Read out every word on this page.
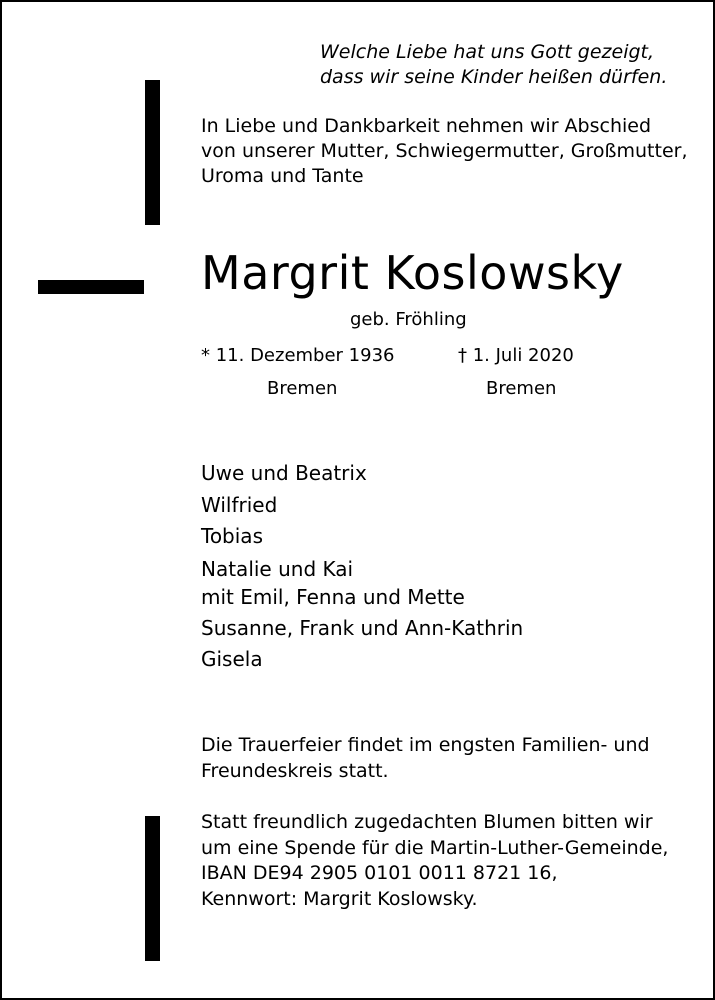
Welche Liebe hat uns Gott gezeigt,
dass wir seine Kinder heißen dürfen.
In Liebe und Dankbarkeit nehmen wir Abschied
von unserer Mutter, Schwiegermutter, Großmutter,
Uroma und Tante
Margrit Koslowsky
geb. Fröhling
* 11. Dezember 1936
Bremen
† 1. Juli 2020
Bremen
Uwe und Beatrix
Wilfried
Tobias
Natalie und Kai
mit Emil, Fenna und Mette
Susanne, Frank und Ann-Kathrin
Gisela
Die Trauerfeier findet im engsten Familien- und
Freundeskreis statt.
Statt freundlich zugedachten Blumen bitten wir
um eine Spende für die Martin-Luther-Gemeinde,
IBAN DE94 2905 0101 0011 8721 16,
Kennwort: Margrit Koslowsky.
